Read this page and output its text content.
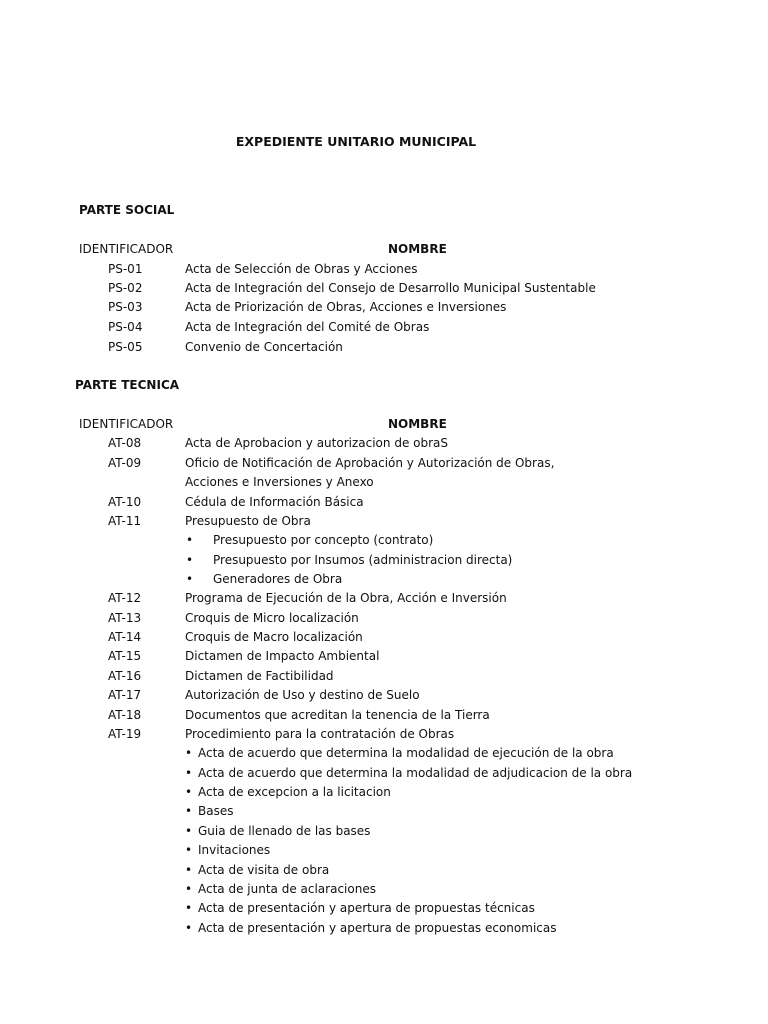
EXPEDIENTE UNITARIO MUNICIPAL
PARTE SOCIAL
IDENTIFICADOR	NOMBRE
PS-01	Acta de Selección de Obras y Acciones
PS-02	Acta de Integración del Consejo de Desarrollo Municipal Sustentable
PS-03	Acta de Priorización de Obras, Acciones e Inversiones
PS-04	Acta de Integración del Comité de Obras
PS-05	Convenio de Concertación
PARTE TECNICA
IDENTIFICADOR	NOMBRE
AT-08	Acta de Aprobacion y autorizacion de obraS
AT-09	Oficio de Notificación de Aprobación y Autorización de Obras,
Acciones e Inversiones y Anexo
AT-10	Cédula de Información Básica
AT-11	Presupuesto de Obra
• Presupuesto por concepto (contrato)
• Presupuesto por Insumos (administracion directa)
• Generadores de Obra
AT-12	Programa de Ejecución de la Obra, Acción e Inversión
AT-13	Croquis de Micro localización
AT-14	Croquis de Macro localización
AT-15	Dictamen de Impacto Ambiental
AT-16	Dictamen de Factibilidad
AT-17	Autorización de Uso y destino de Suelo
AT-18	Documentos que acreditan la tenencia de la Tierra
AT-19	Procedimiento para la contratación de Obras
• Acta de acuerdo que determina la modalidad de ejecución de la obra
• Acta de acuerdo que determina la modalidad de adjudicacion de la obra
• Acta de excepcion a la licitacion
• Bases
• Guia de llenado de las bases
• Invitaciones
• Acta de visita de obra
• Acta de junta de aclaraciones
• Acta de presentación y apertura de propuestas técnicas
• Acta de presentación y apertura de propuestas economicas
